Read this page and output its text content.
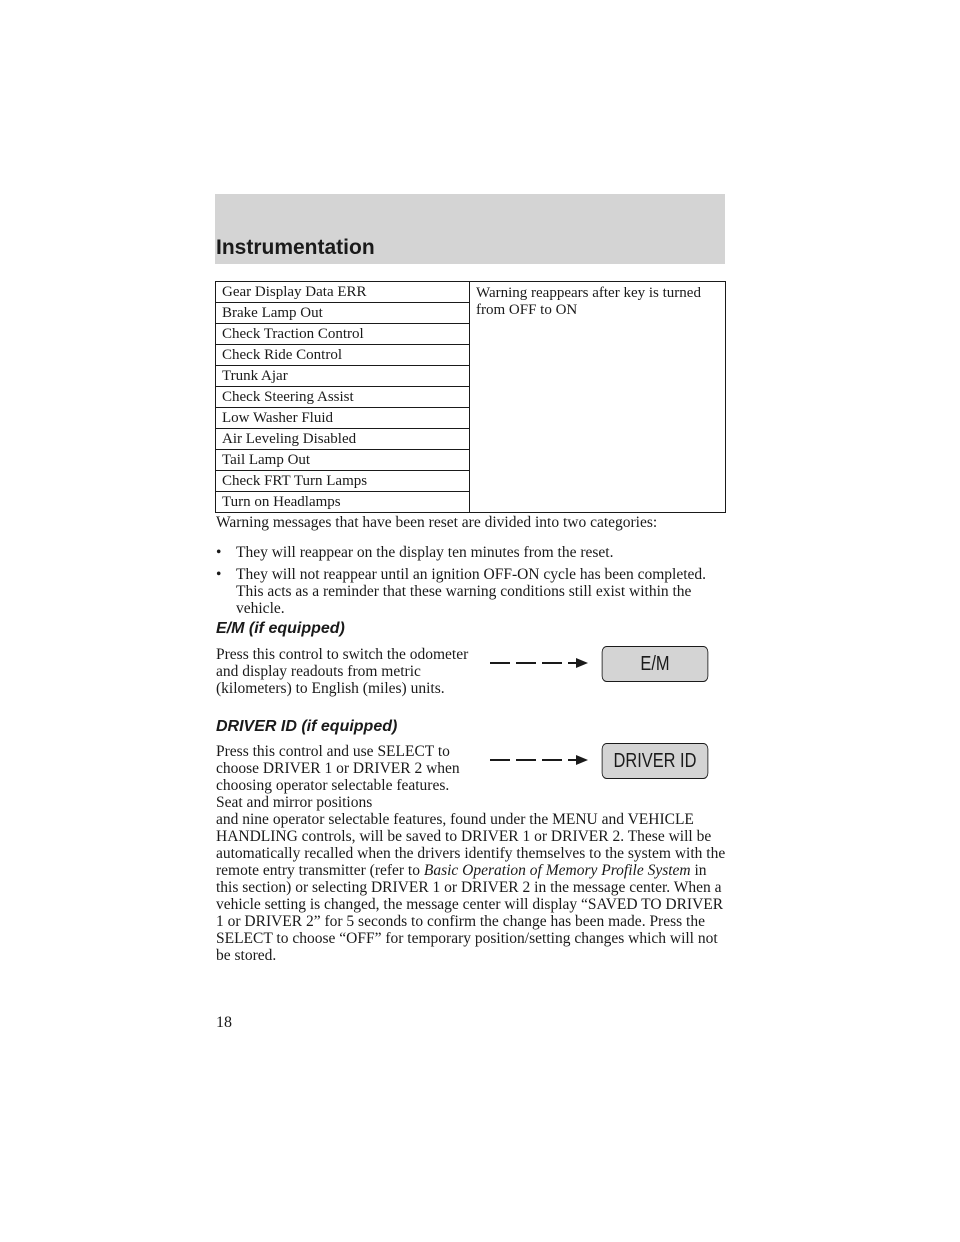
Instrumentation
Gear Display Data ERR	Warning reappears after key is turned from OFF to ON
Brake Lamp Out
Check Traction Control
Check Ride Control
Trunk Ajar
Check Steering Assist
Low Washer Fluid
Air Leveling Disabled
Tail Lamp Out
Check FRT Turn Lamps
Turn on Headlamps

Warning messages that have been reset are divided into two categories:

• They will reappear on the display ten minutes from the reset.
• They will not reappear until an ignition OFF-ON cycle has been completed. This acts as a reminder that these warning conditions still exist within the vehicle.
E/M (if equipped)

Press this control to switch the odometer and display readouts from metric (kilometers) to English (miles) units.

E/M
DRIVER ID (if equipped)

Press this control and use SELECT to choose DRIVER 1 or DRIVER 2 when choosing operator selectable features. Seat and mirror positions

DRIVER ID

and nine operator selectable features, found under the MENU and VEHICLE HANDLING controls, will be saved to DRIVER 1 or DRIVER 2. These will be automatically recalled when the drivers identify themselves to the system with the remote entry transmitter (refer to Basic Operation of Memory Profile System in this section) or selecting DRIVER 1 or DRIVER 2 in the message center. When a vehicle setting is changed, the message center will display “SAVED TO DRIVER 1 or DRIVER 2” for 5 seconds to confirm the change has been made. Press the SELECT to choose “OFF” for temporary position/setting changes which will not be stored.

18
